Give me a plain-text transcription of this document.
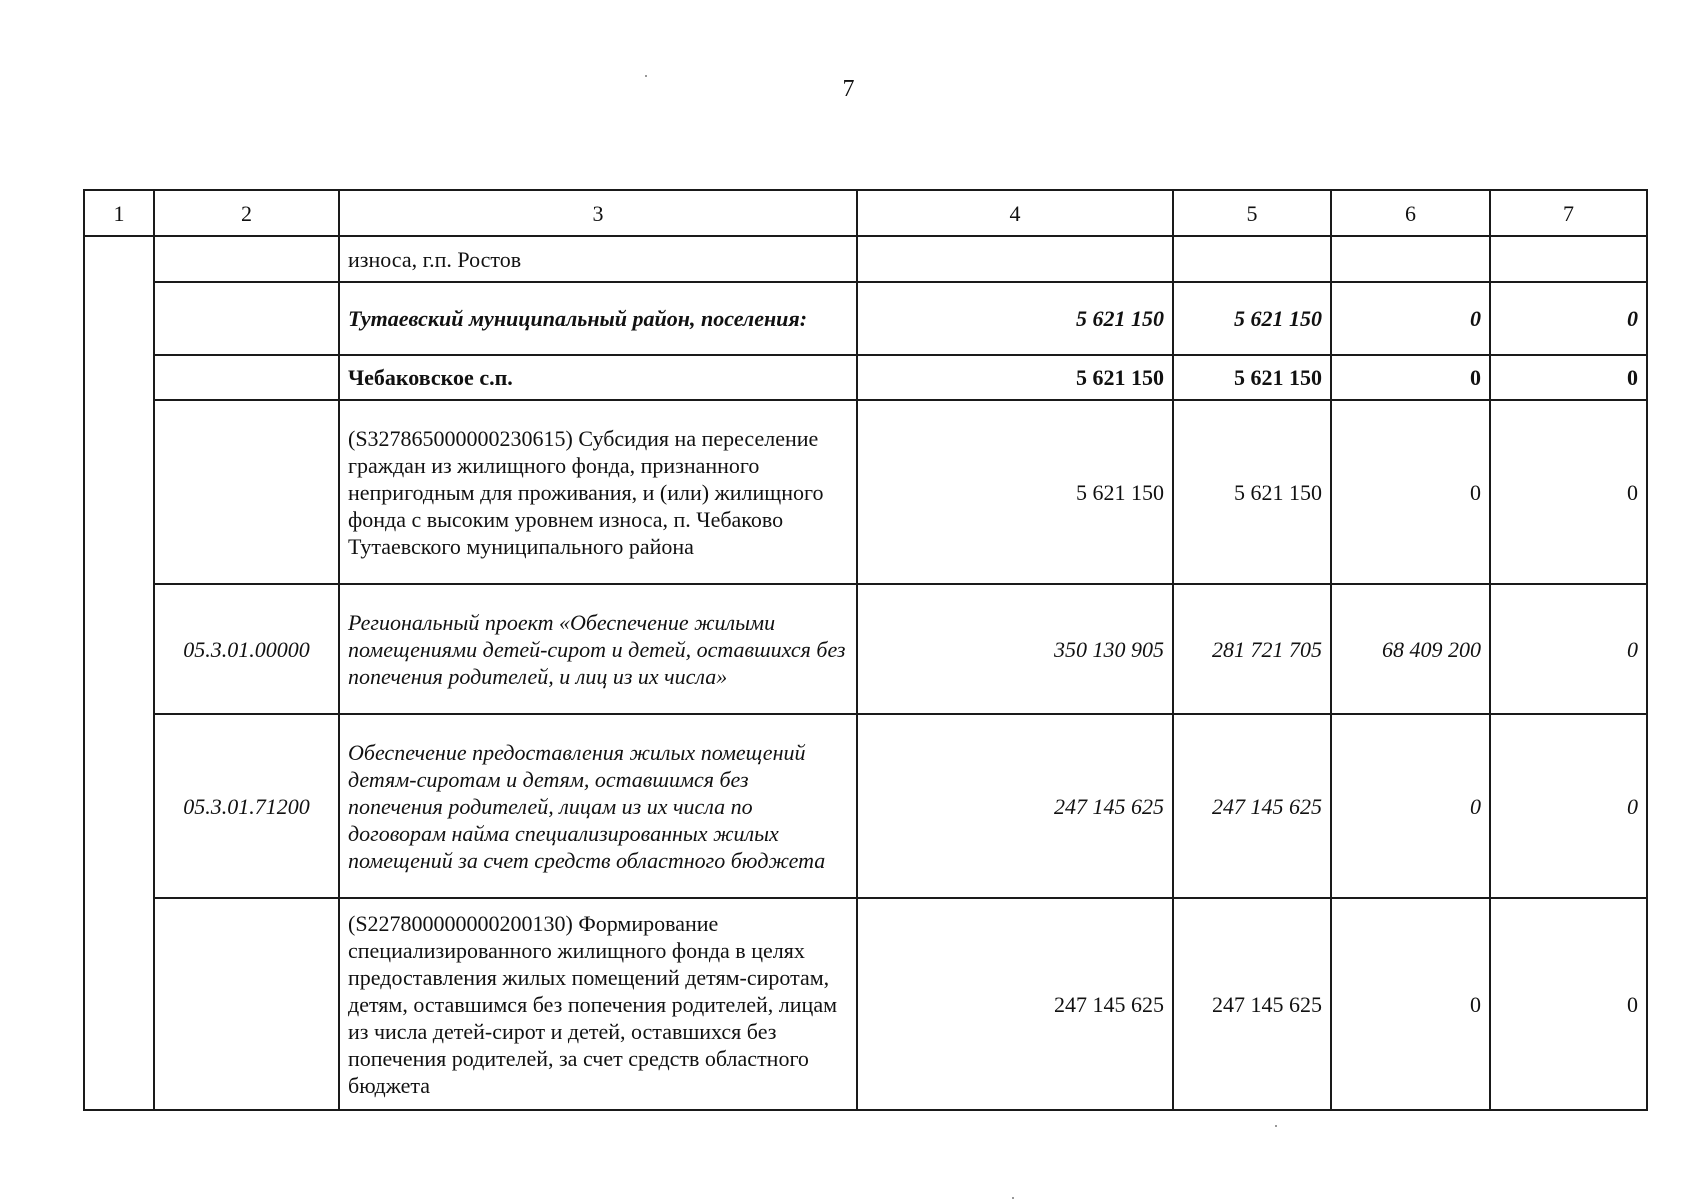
7
1	2	3	4	5	6	7
		износа, г.п. Ростов				
		Тутаевский муниципальный район, поселения:	5 621 150	5 621 150	0	0
		Чебаковское с.п.	5 621 150	5 621 150	0	0
		(S327865000000230615) Субсидия на переселение граждан из жилищного фонда, признанного непригодным для проживания, и (или) жилищного фонда с высоким уровнем износа, п. Чебаково Тутаевского муниципального района	5 621 150	5 621 150	0	0
	05.3.01.00000	Региональный проект «Обеспечение жилыми помещениями детей-сирот и детей, оставшихся без попечения родителей, и лиц из их числа»	350 130 905	281 721 705	68 409 200	0
	05.3.01.71200	Обеспечение предоставления жилых помещений детям-сиротам и детям, оставшимся без попечения родителей, лицам из их числа по договорам найма специализированных жилых помещений за счет средств областного бюджета	247 145 625	247 145 625	0	0
		(S227800000000200130) Формирование специализированного жилищного фонда в целях предоставления жилых помещений детям-сиротам, детям, оставшимся без попечения родителей, лицам из числа детей-сирот и детей, оставшихся без попечения родителей, за счет средств областного бюджета	247 145 625	247 145 625	0	0
